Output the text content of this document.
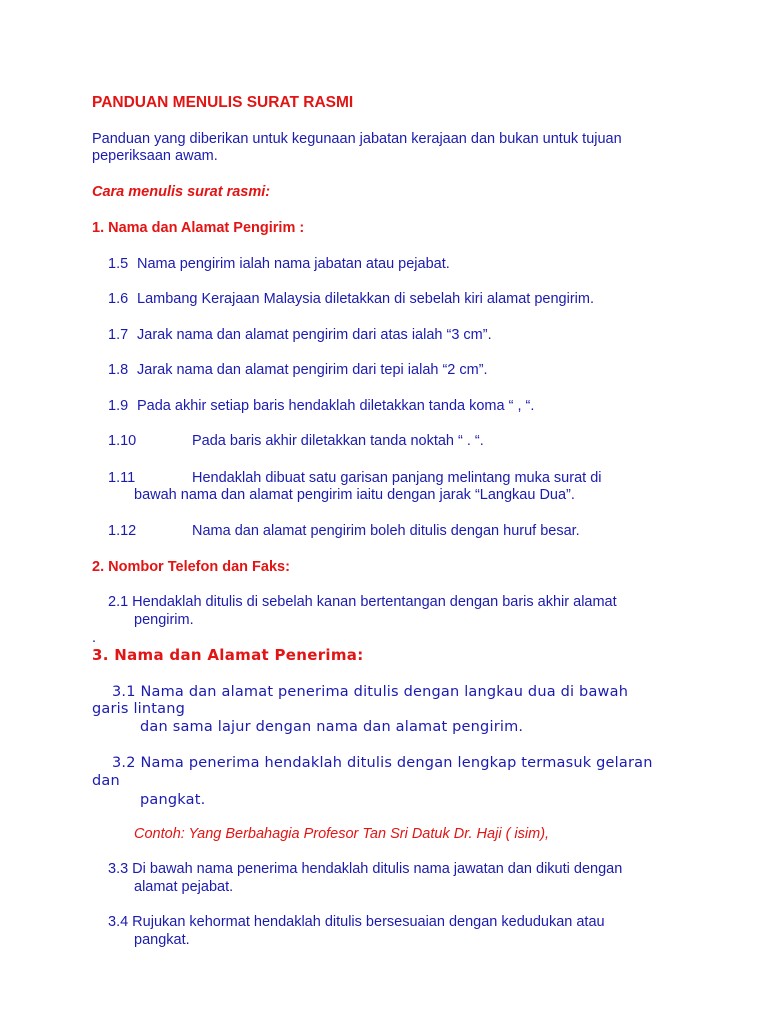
PANDUAN MENULIS SURAT RASMI
Panduan yang diberikan untuk kegunaan jabatan kerajaan dan bukan untuk tujuan
peperiksaan awam.
Cara menulis surat rasmi:
1. Nama dan Alamat Pengirim :
1.5 Nama pengirim ialah nama jabatan atau pejabat.
1.6 Lambang Kerajaan Malaysia diletakkan di sebelah kiri alamat pengirim.
1.7 Jarak nama dan alamat pengirim dari atas ialah “3 cm”.
1.8 Jarak nama dan alamat pengirim dari tepi ialah “2 cm”.
1.9 Pada akhir setiap baris hendaklah diletakkan tanda koma “ , “.
1.10	Pada baris akhir diletakkan tanda noktah “ . “.
1.11	Hendaklah dibuat satu garisan panjang melintang muka surat di
bawah nama dan alamat pengirim iaitu dengan jarak “Langkau Dua”.
1.12	Nama dan alamat pengirim boleh ditulis dengan huruf besar.
2. Nombor Telefon dan Faks:
2.1 Hendaklah ditulis di sebelah kanan bertentangan dengan baris akhir alamat
pengirim.
.
3. Nama dan Alamat Penerima:
3.1 Nama dan alamat penerima ditulis dengan langkau dua di bawah
garis lintang
dan sama lajur dengan nama dan alamat pengirim.
3.2 Nama penerima hendaklah ditulis dengan lengkap termasuk gelaran
dan
pangkat.
Contoh: Yang Berbahagia Profesor Tan Sri Datuk Dr. Haji ( isim),
3.3 Di bawah nama penerima hendaklah ditulis nama jawatan dan dikuti dengan
alamat pejabat.
3.4 Rujukan kehormat hendaklah ditulis bersesuaian dengan kedudukan atau
pangkat.
